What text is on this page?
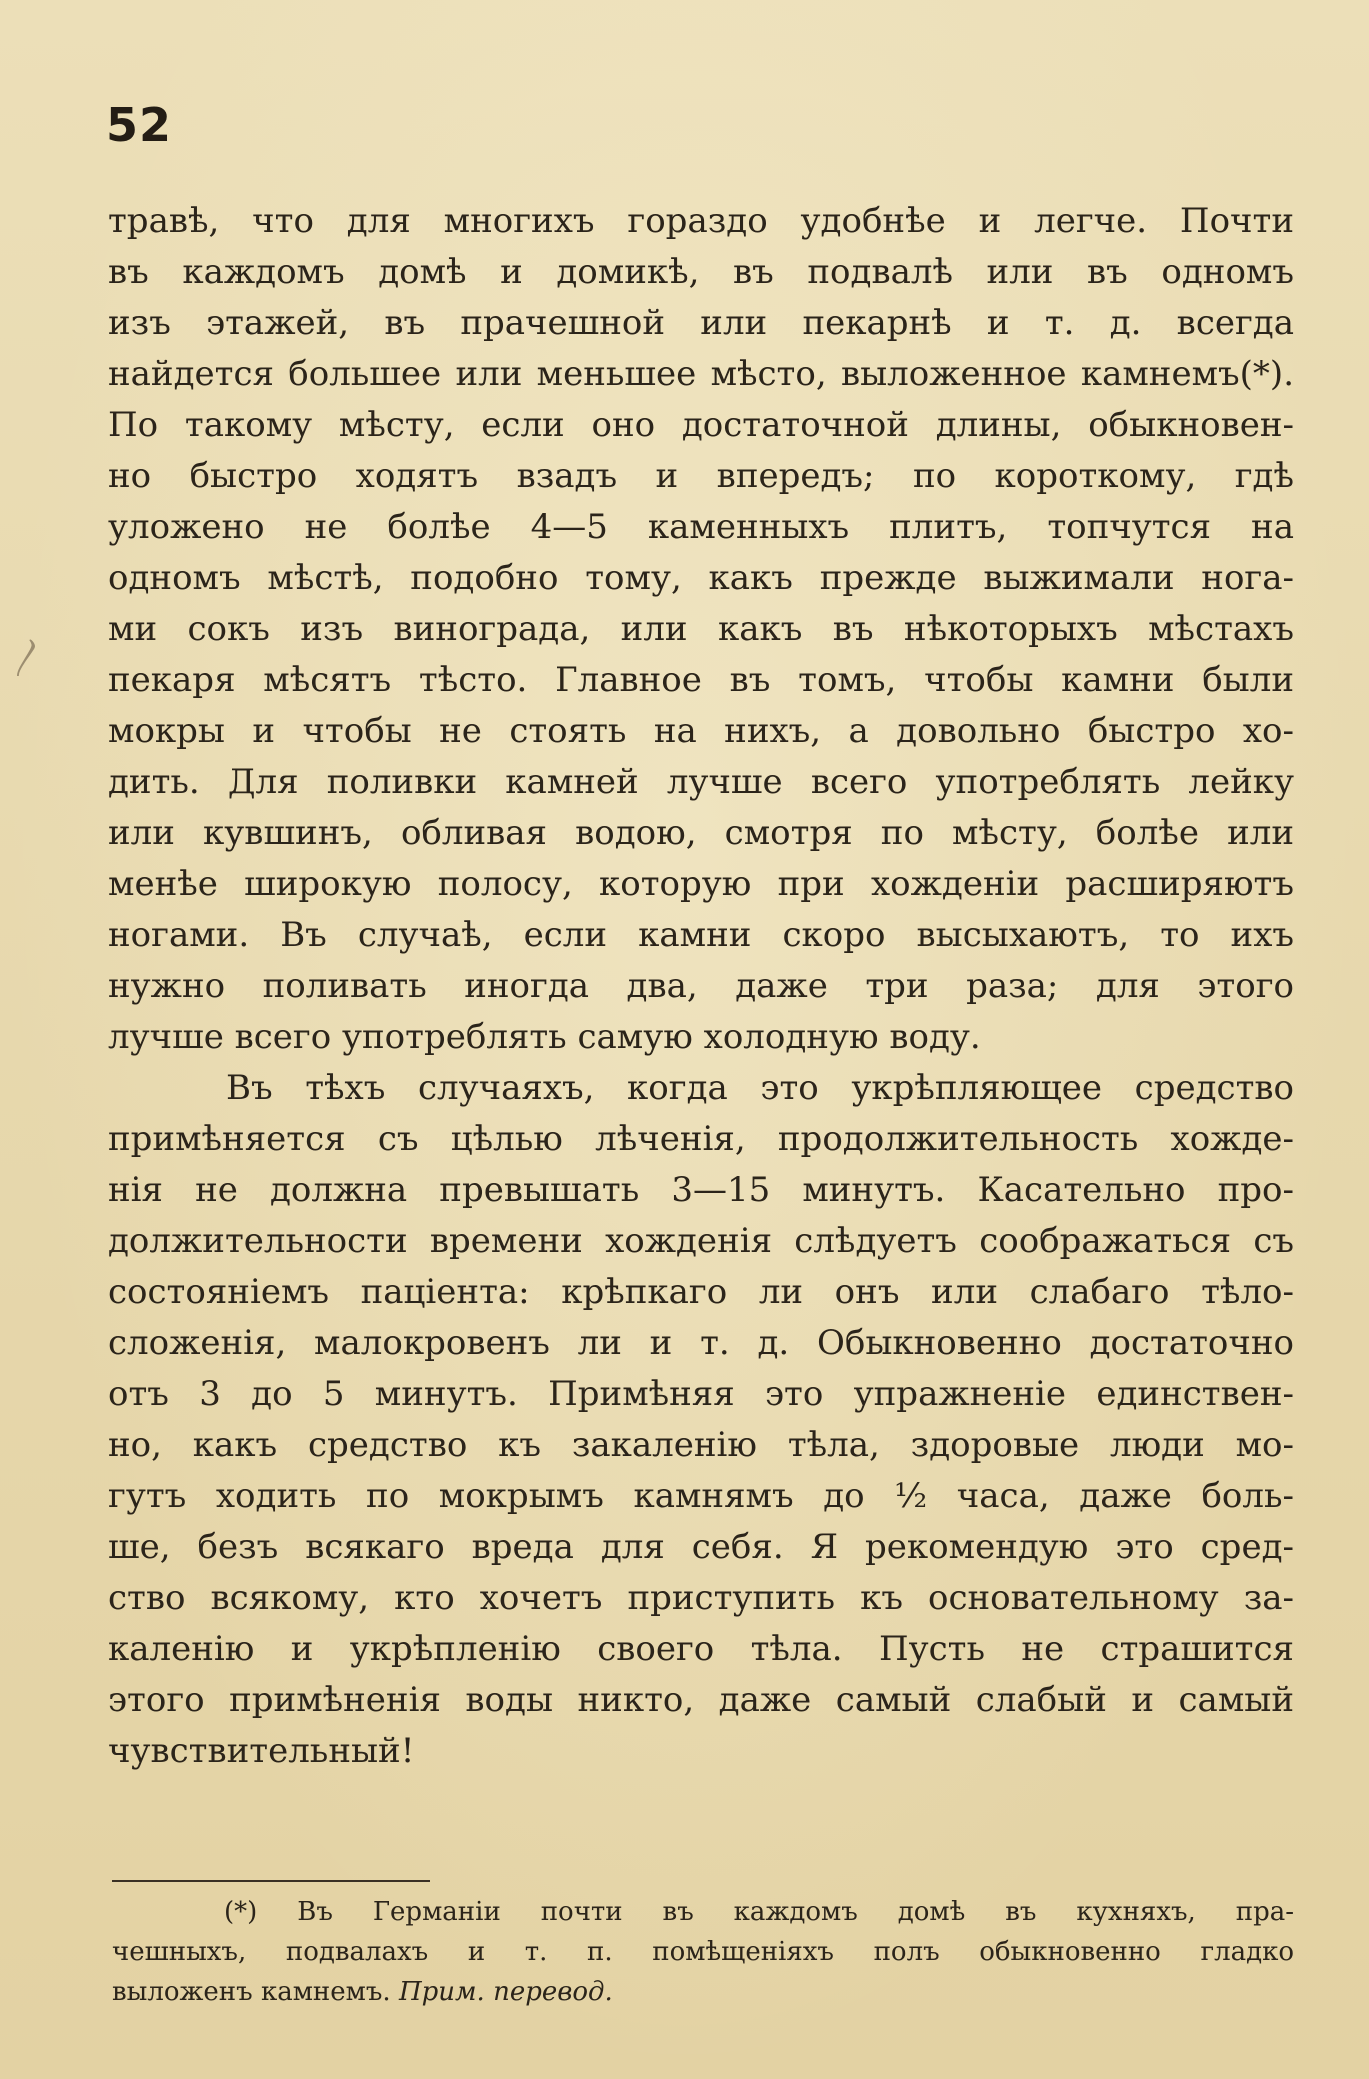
〳
52
травѣ, что для многихъ гораздо удобнѣе и легче. Почти
въ каждомъ домѣ и домикѣ, въ подвалѣ или въ одномъ
изъ этажей, въ прачешной или пекарнѣ и т. д. всегда
найдется большее или меньшее мѣсто, выложенное камнемъ(*).
По такому мѣсту, если оно достаточной длины, обыкновен-
но быстро ходятъ взадъ и впередъ; по короткому, гдѣ
уложено не болѣе 4—5 каменныхъ плитъ, топчутся на
одномъ мѣстѣ, подобно тому, какъ прежде выжимали нога-
ми сокъ изъ винограда, или какъ въ нѣкоторыхъ мѣстахъ
пекаря мѣсятъ тѣсто. Главное въ томъ, чтобы камни были
мокры и чтобы не стоять на нихъ, а довольно быстро хо-
дить. Для поливки камней лучше всего употреблять лейку
или кувшинъ, обливая водою, смотря по мѣсту, болѣе или
менѣе широкую полосу, которую при хожденіи расширяютъ
ногами. Въ случаѣ, если камни скоро высыхаютъ, то ихъ
нужно поливать иногда два, даже три раза; для этого
лучше всего употреблять самую холодную воду.
Въ тѣхъ случаяхъ, когда это укрѣпляющее средство
примѣняется съ цѣлью лѣченія, продолжительность хожде-
нія не должна превышать 3—15 минутъ. Касательно про-
должительности времени хожденія слѣдуетъ соображаться съ
состояніемъ паціента: крѣпкаго ли онъ или слабаго тѣло-
сложенія, малокровенъ ли и т. д. Обыкновенно достаточно
отъ 3 до 5 минутъ. Примѣняя это упражненіе единствен-
но, какъ средство къ закаленію тѣла, здоровые люди мо-
гутъ ходить по мокрымъ камнямъ до ½ часа, даже боль-
ше, безъ всякаго вреда для себя. Я рекомендую это сред-
ство всякому, кто хочетъ приступить къ основательному за-
каленію и укрѣпленію своего тѣла. Пусть не страшится
этого примѣненія воды никто, даже самый слабый и самый
чувствительный!
(*) Въ Германіи почти въ каждомъ домѣ въ кухняхъ, пра-
чешныхъ, подвалахъ и т. п. помѣщеніяхъ полъ обыкновенно гладко
выложенъ камнемъ. Прим. перевод.
